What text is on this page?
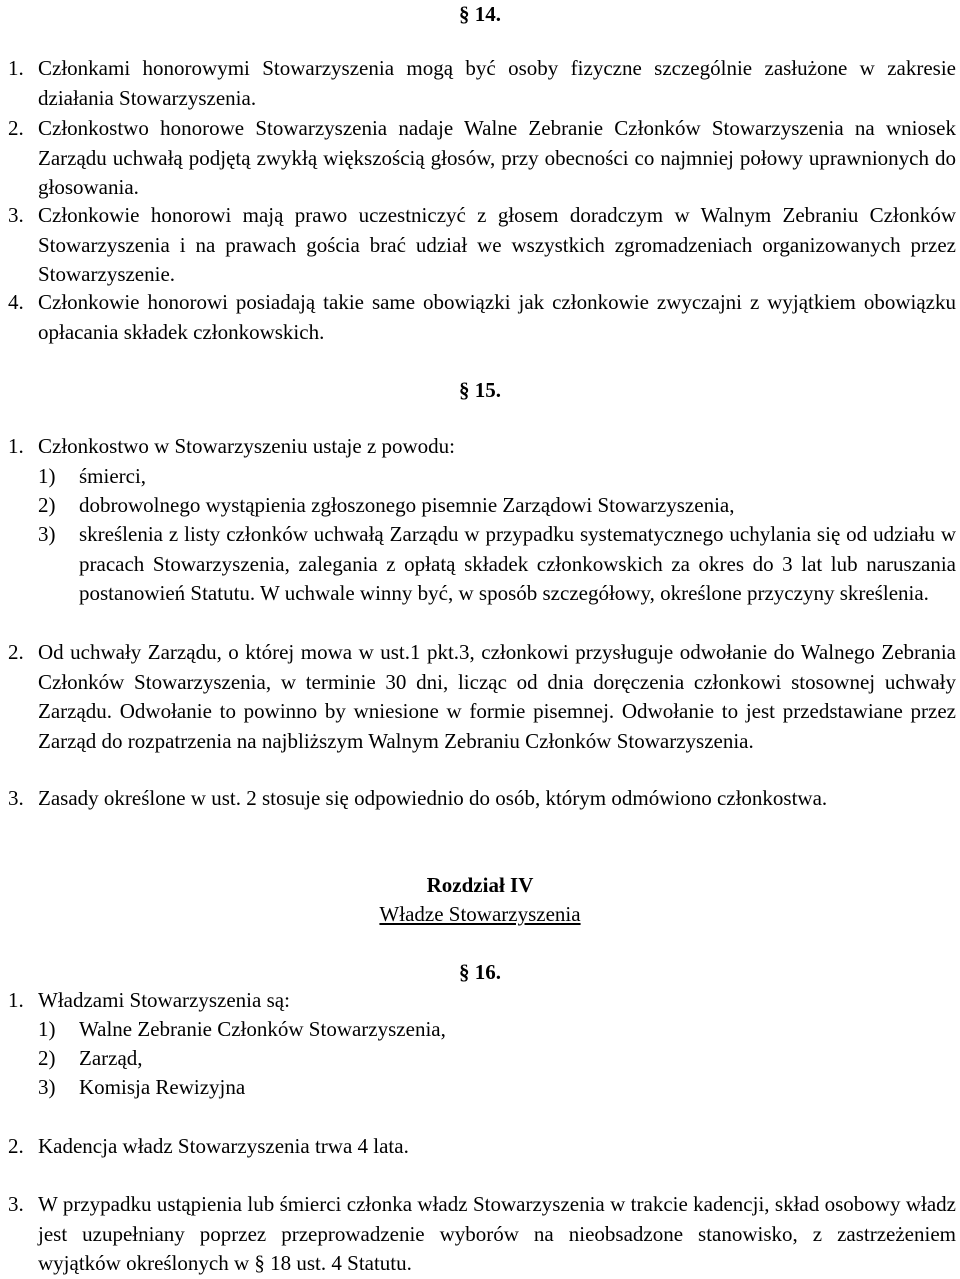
§ 14.
1. Członkami honorowymi Stowarzyszenia mogą być osoby fizyczne szczególnie zasłużone w zakresie działania Stowarzyszenia.
2. Członkostwo honorowe Stowarzyszenia nadaje Walne Zebranie Członków Stowarzyszenia na wniosek Zarządu uchwałą podjętą zwykłą większością głosów, przy obecności co najmniej połowy uprawnionych do głosowania.
3. Członkowie honorowi mają prawo uczestniczyć z głosem doradczym w Walnym Zebraniu Członków Stowarzyszenia i na prawach gościa brać udział we wszystkich zgromadzeniach organizowanych przez Stowarzyszenie.
4. Członkowie honorowi posiadają takie same obowiązki jak członkowie zwyczajni z wyjątkiem obowiązku opłacania składek członkowskich.
§ 15.
1. Członkostwo w Stowarzyszeniu ustaje z powodu:
1) śmierci,
2) dobrowolnego wystąpienia zgłoszonego pisemnie Zarządowi Stowarzyszenia,
3) skreślenia z listy członków uchwałą Zarządu w przypadku systematycznego uchylania się od udziału w pracach Stowarzyszenia, zalegania z opłatą składek członkowskich za okres do 3 lat lub naruszania postanowień Statutu. W uchwale winny być, w sposób szczegółowy, określone przyczyny skreślenia.
2. Od uchwały Zarządu, o której mowa w ust.1 pkt.3, członkowi przysługuje odwołanie do Walnego Zebrania Członków Stowarzyszenia, w terminie 30 dni, licząc od dnia doręczenia członkowi stosownej uchwały Zarządu. Odwołanie to powinno by wniesione w formie pisemnej. Odwołanie to jest przedstawiane przez Zarząd do rozpatrzenia na najbliższym Walnym Zebraniu Członków Stowarzyszenia.
3. Zasady określone w ust. 2 stosuje się odpowiednio do osób, którym odmówiono członkostwa.
Rozdział IV
Władze Stowarzyszenia
§ 16.
1. Władzami Stowarzyszenia są:
1) Walne Zebranie Członków Stowarzyszenia,
2) Zarząd,
3) Komisja Rewizyjna
2. Kadencja władz Stowarzyszenia trwa 4 lata.
3. W przypadku ustąpienia lub śmierci członka władz Stowarzyszenia w trakcie kadencji, skład osobowy władz jest uzupełniany poprzez przeprowadzenie wyborów na nieobsadzone stanowisko, z zastrzeżeniem wyjątków określonych w § 18 ust. 4 Statutu.
